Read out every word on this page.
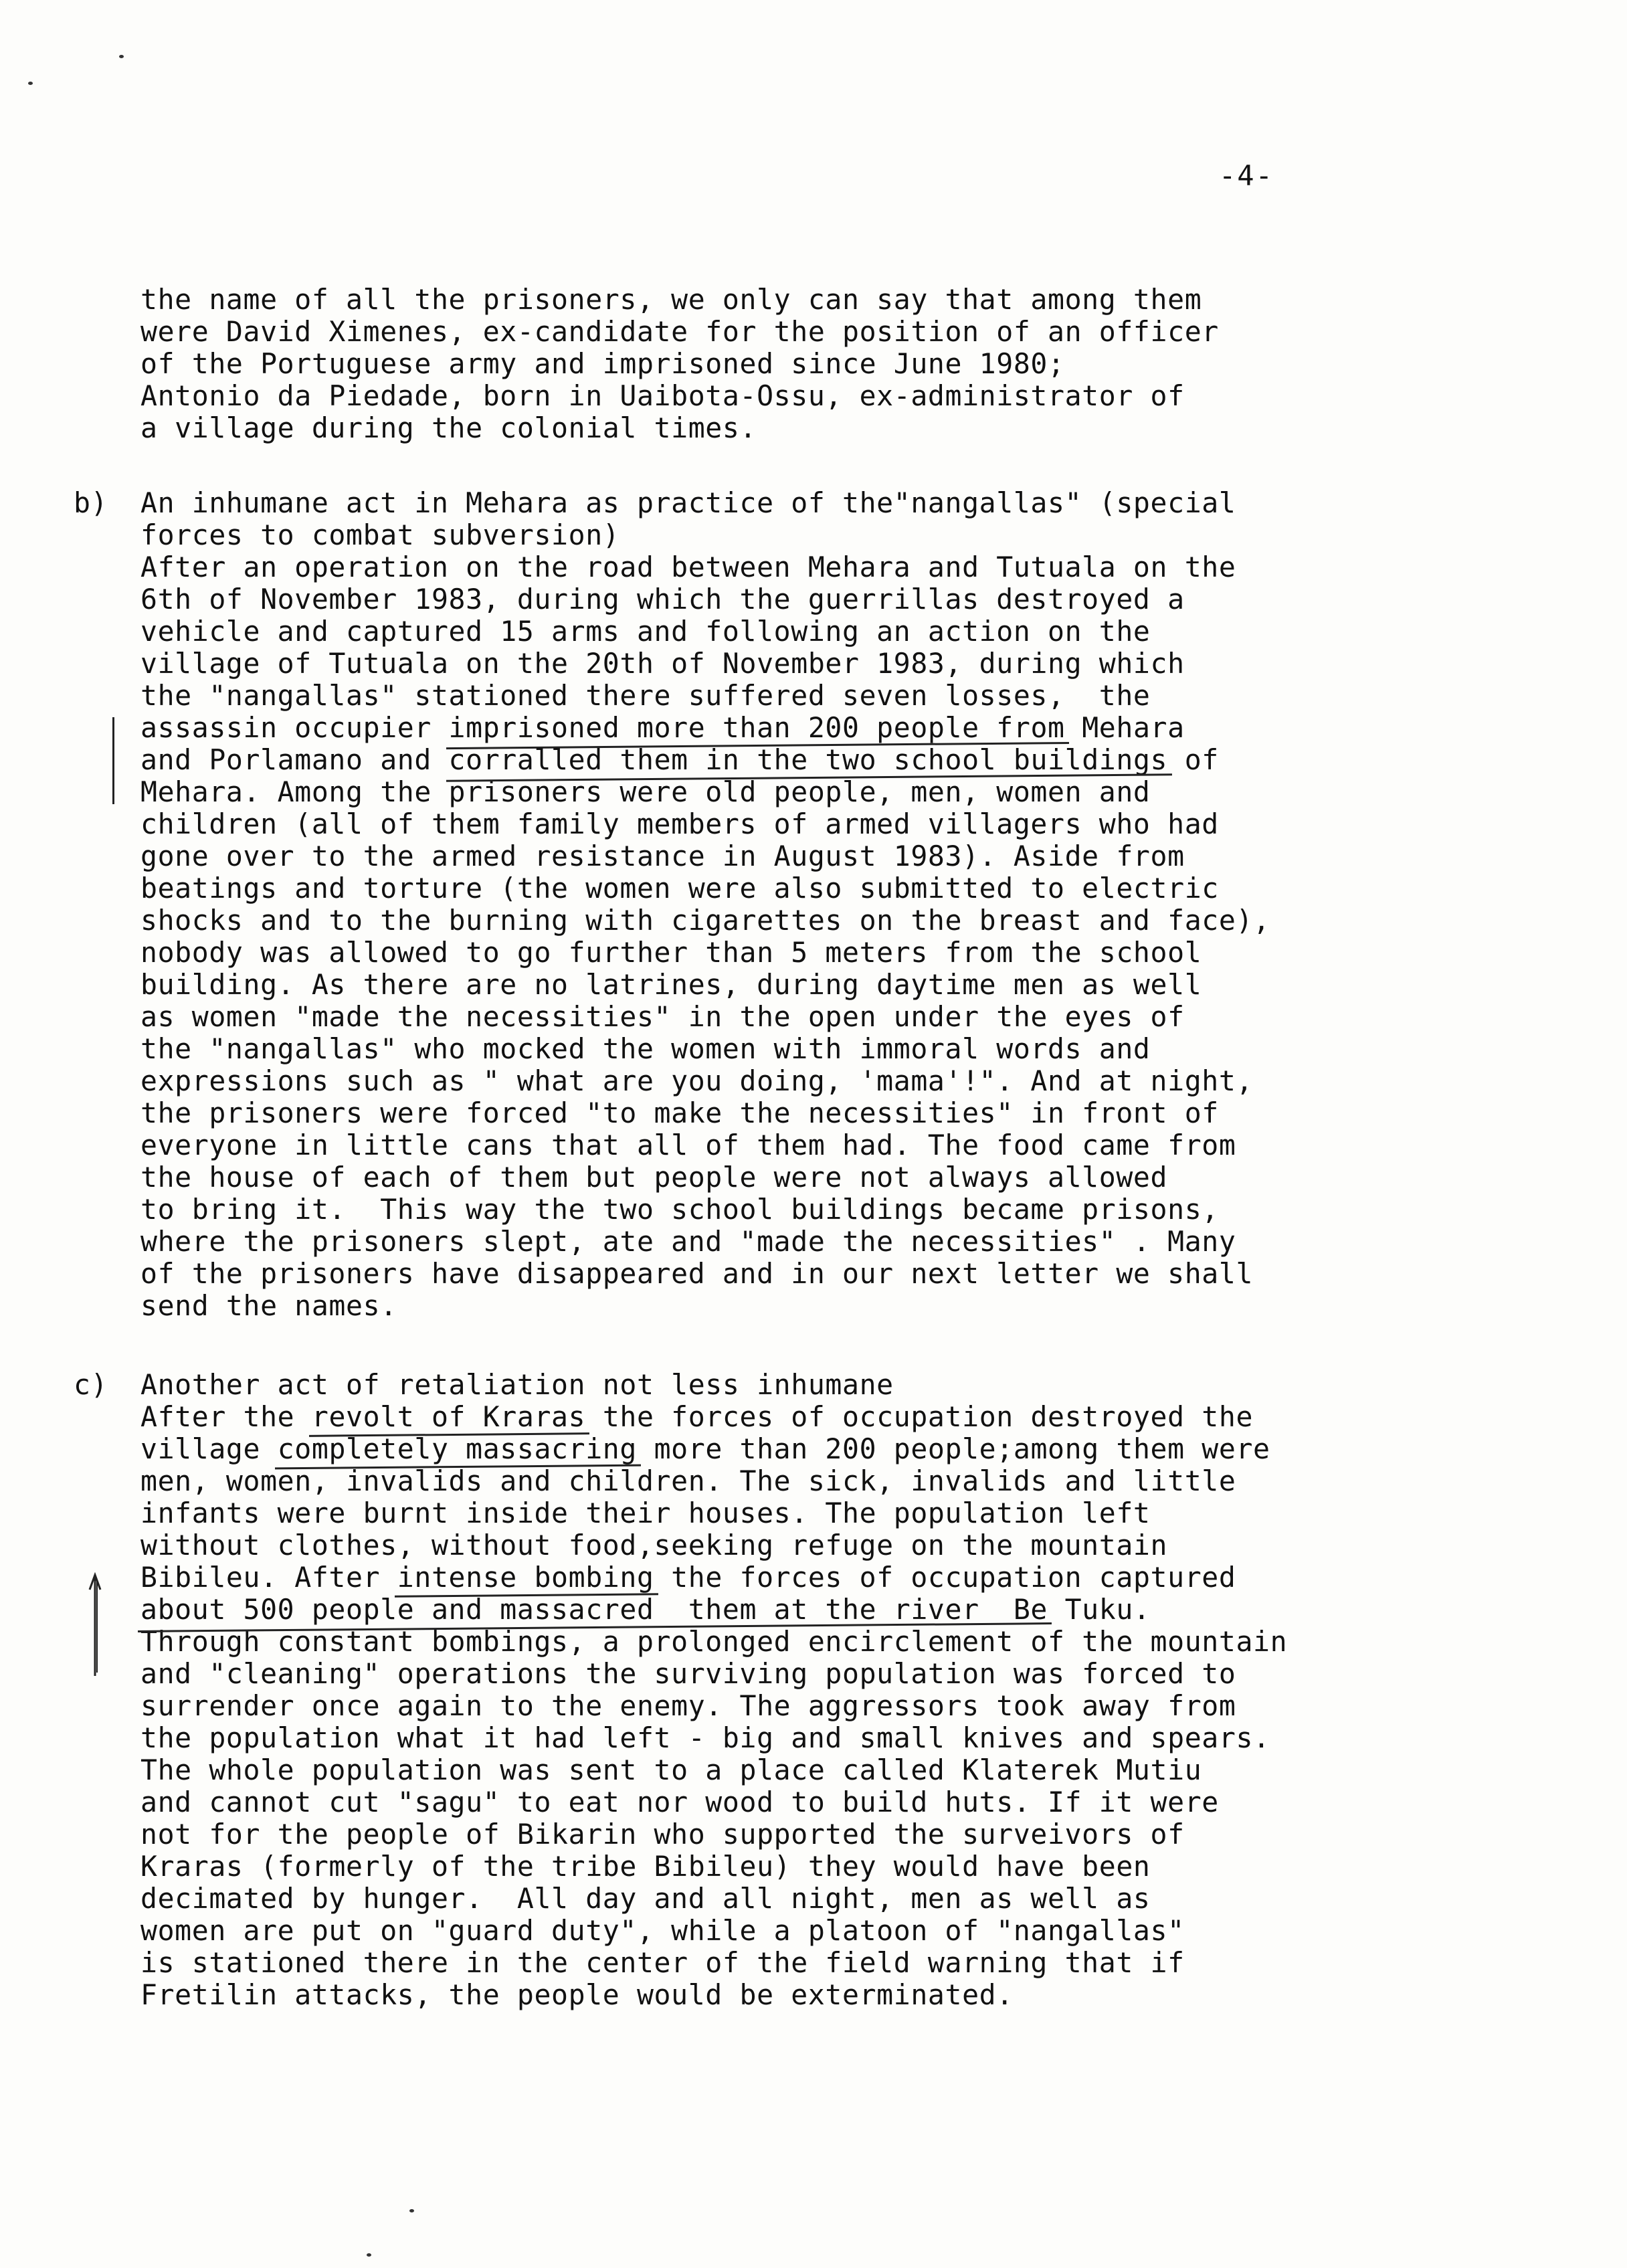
-4-
the name of all the prisoners, we only can say that among them
were David Ximenes, ex-candidate for the position of an officer
of the Portuguese army and imprisoned since June 1980;
Antonio da Piedade, born in Uaibota-Ossu, ex-administrator of
a village during the colonial times.
b) An inhumane act in Mehara as practice of the"nangallas" (special
forces to combat subversion)
After an operation on the road between Mehara and Tutuala on the
6th of November 1983, during which the guerrillas destroyed a
vehicle and captured 15 arms and following an action on the
village of Tutuala on the 20th of November 1983, during which
the "nangallas" stationed there suffered seven losses,  the
assassin occupier imprisoned more than 200 people from Mehara
and Porlamano and corralled them in the two school buildings of
Mehara. Among the prisoners were old people, men, women and
children (all of them family members of armed villagers who had
gone over to the armed resistance in August 1983). Aside from
beatings and torture (the women were also submitted to electric
shocks and to the burning with cigarettes on the breast and face),
nobody was allowed to go further than 5 meters from the school
building. As there are no latrines, during daytime men as well
as women "made the necessities" in the open under the eyes of
the "nangallas" who mocked the women with immoral words and
expressions such as " what are you doing, 'mama'!". And at night,
the prisoners were forced "to make the necessities" in front of
everyone in little cans that all of them had. The food came from
the house of each of them but people were not always allowed
to bring it.  This way the two school buildings became prisons,
where the prisoners slept, ate and "made the necessities" . Many
of the prisoners have disappeared and in our next letter we shall
send the names.
c) Another act of retaliation not less inhumane
After the revolt of Kraras the forces of occupation destroyed the
village completely massacring more than 200 people;among them were
men, women, invalids and children. The sick, invalids and little
infants were burnt inside their houses. The population left
without clothes, without food,seeking refuge on the mountain
Bibileu. After intense bombing the forces of occupation captured
about 500 people and massacred  them at the river  Be Tuku.
Through constant bombings, a prolonged encirclement of the mountain
and "cleaning" operations the surviving population was forced to
surrender once again to the enemy. The aggressors took away from
the population what it had left - big and small knives and spears.
The whole population was sent to a place called Klaterek Mutiu
and cannot cut "sagu" to eat nor wood to build huts. If it were
not for the people of Bikarin who supported the surveivors of
Kraras (formerly of the tribe Bibileu) they would have been
decimated by hunger.  All day and all night, men as well as
women are put on "guard duty", while a platoon of "nangallas"
is stationed there in the center of the field warning that if
Fretilin attacks, the people would be exterminated.
